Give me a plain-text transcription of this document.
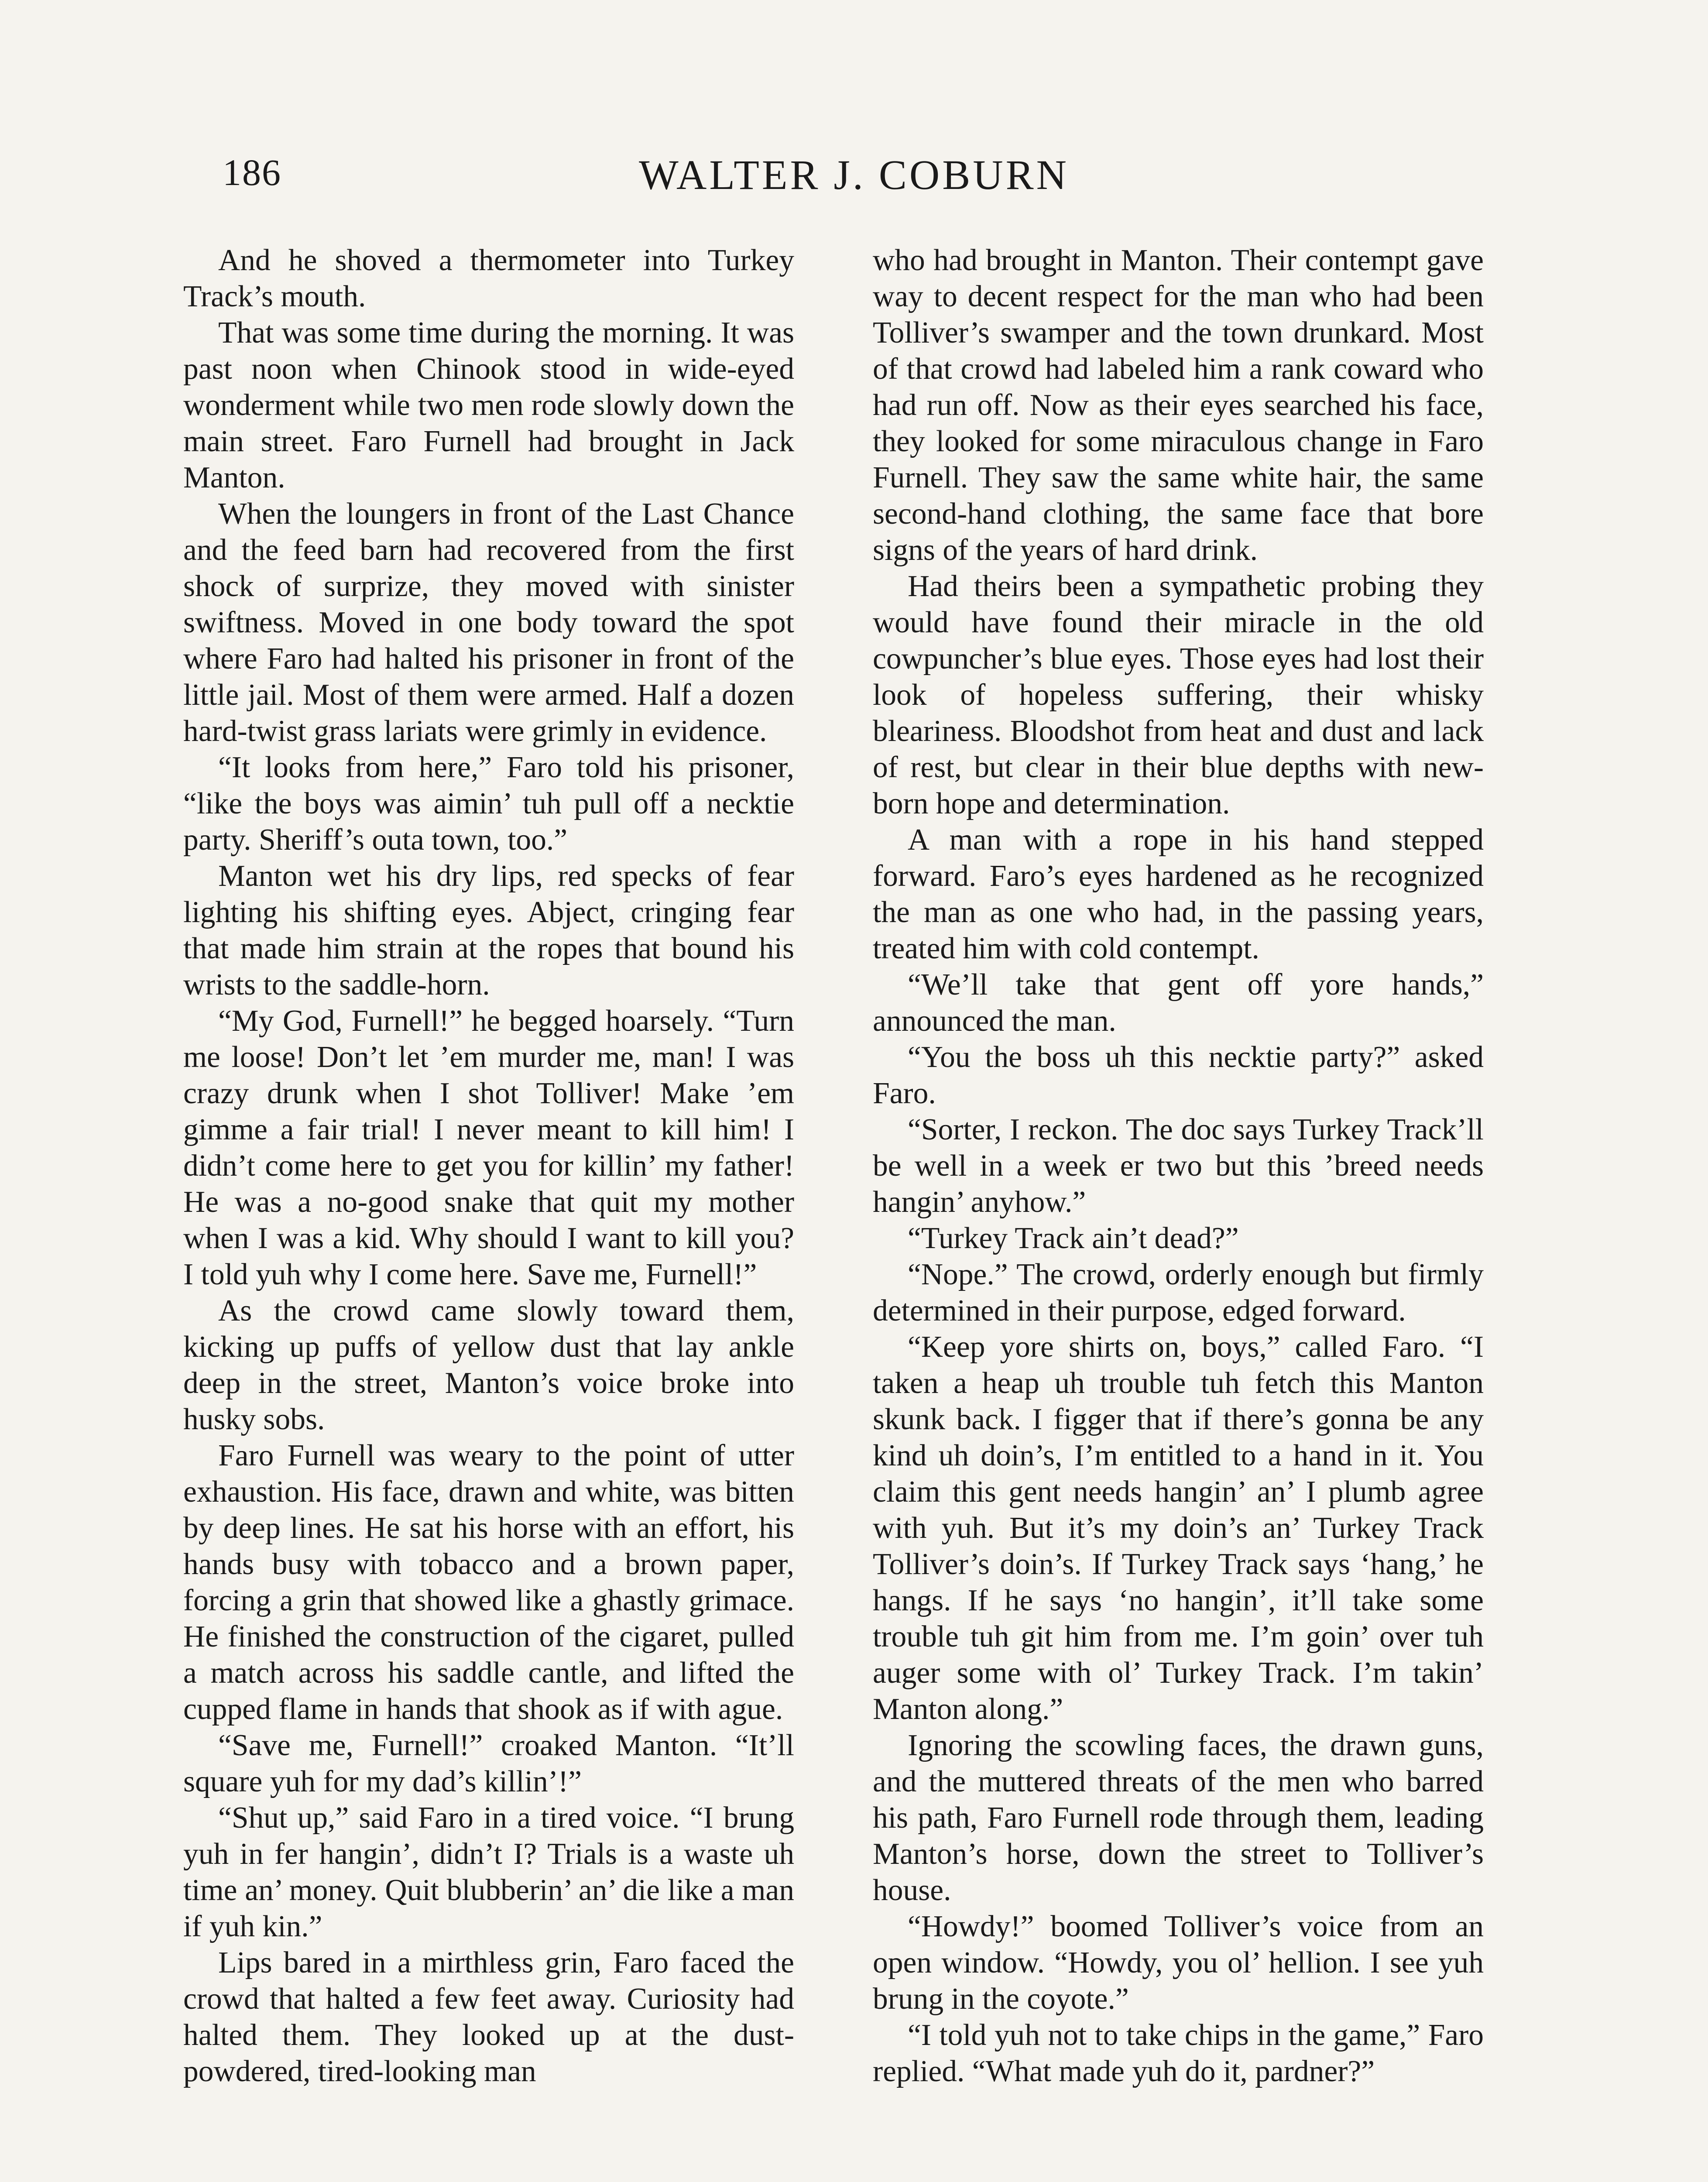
186	WALTER J. COBURN

And he shoved a thermometer into Turkey Track’s mouth.

That was some time during the morning. It was past noon when Chinook stood in wide-eyed wonderment while two men rode slowly down the main street. Faro Furnell had brought in Jack Manton.

When the loungers in front of the Last Chance and the feed barn had recovered from the first shock of surprize, they moved with sinister swiftness. Moved in one body toward the spot where Faro had halted his prisoner in front of the little jail. Most of them were armed. Half a dozen hard-twist grass lariats were grimly in evidence.

“It looks from here,” Faro told his prisoner, “like the boys was aimin’ tuh pull off a necktie party. Sheriff’s outa town, too.”

Manton wet his dry lips, red specks of fear lighting his shifting eyes. Abject, cringing fear that made him strain at the ropes that bound his wrists to the saddle-horn.

“My God, Furnell!” he begged hoarsely. “Turn me loose! Don’t let ’em murder me, man! I was crazy drunk when I shot Tolliver! Make ’em gimme a fair trial! I never meant to kill him! I didn’t come here to get you for killin’ my father! He was a no-good snake that quit my mother when I was a kid. Why should I want to kill you? I told yuh why I come here. Save me, Furnell!”

As the crowd came slowly toward them, kicking up puffs of yellow dust that lay ankle deep in the street, Manton’s voice broke into husky sobs.

Faro Furnell was weary to the point of utter exhaustion. His face, drawn and white, was bitten by deep lines. He sat his horse with an effort, his hands busy with tobacco and a brown paper, forcing a grin that showed like a ghastly grimace. He finished the construction of the cigaret, pulled a match across his saddle cantle, and lifted the cupped flame in hands that shook as if with ague.

“Save me, Furnell!” croaked Manton. “It’ll square yuh for my dad’s killin’!”

“Shut up,” said Faro in a tired voice. “I brung yuh in fer hangin’, didn’t I? Trials is a waste uh time an’ money. Quit blubberin’ an’ die like a man if yuh kin.”

Lips bared in a mirthless grin, Faro faced the crowd that halted a few feet away. Curiosity had halted them. They looked up at the dust-powdered, tired-looking man

who had brought in Manton. Their contempt gave way to decent respect for the man who had been Tolliver’s swamper and the town drunkard. Most of that crowd had labeled him a rank coward who had run off. Now as their eyes searched his face, they looked for some miraculous change in Faro Furnell. They saw the same white hair, the same second-hand clothing, the same face that bore signs of the years of hard drink.

Had theirs been a sympathetic probing they would have found their miracle in the old cowpuncher’s blue eyes. Those eyes had lost their look of hopeless suffering, their whisky bleariness. Bloodshot from heat and dust and lack of rest, but clear in their blue depths with new-born hope and determination.

A man with a rope in his hand stepped forward. Faro’s eyes hardened as he recognized the man as one who had, in the passing years, treated him with cold contempt.

“We’ll take that gent off yore hands,” announced the man.

“You the boss uh this necktie party?” asked Faro.

“Sorter, I reckon. The doc says Turkey Track’ll be well in a week er two but this ’breed needs hangin’ anyhow.”

“Turkey Track ain’t dead?”

“Nope.” The crowd, orderly enough but firmly determined in their purpose, edged forward.

“Keep yore shirts on, boys,” called Faro. “I taken a heap uh trouble tuh fetch this Manton skunk back. I figger that if there’s gonna be any kind uh doin’s, I’m entitled to a hand in it. You claim this gent needs hangin’ an’ I plumb agree with yuh. But it’s my doin’s an’ Turkey Track Tolliver’s doin’s. If Turkey Track says ‘hang,’ he hangs. If he says ‘no hangin’, it’ll take some trouble tuh git him from me. I’m goin’ over tuh auger some with ol’ Turkey Track. I’m takin’ Manton along.”

Ignoring the scowling faces, the drawn guns, and the muttered threats of the men who barred his path, Faro Furnell rode through them, leading Manton’s horse, down the street to Tolliver’s house.

“Howdy!” boomed Tolliver’s voice from an open window. “Howdy, you ol’ hellion. I see yuh brung in the coyote.”

“I told yuh not to take chips in the game,” Faro replied. “What made yuh do it, pardner?”
